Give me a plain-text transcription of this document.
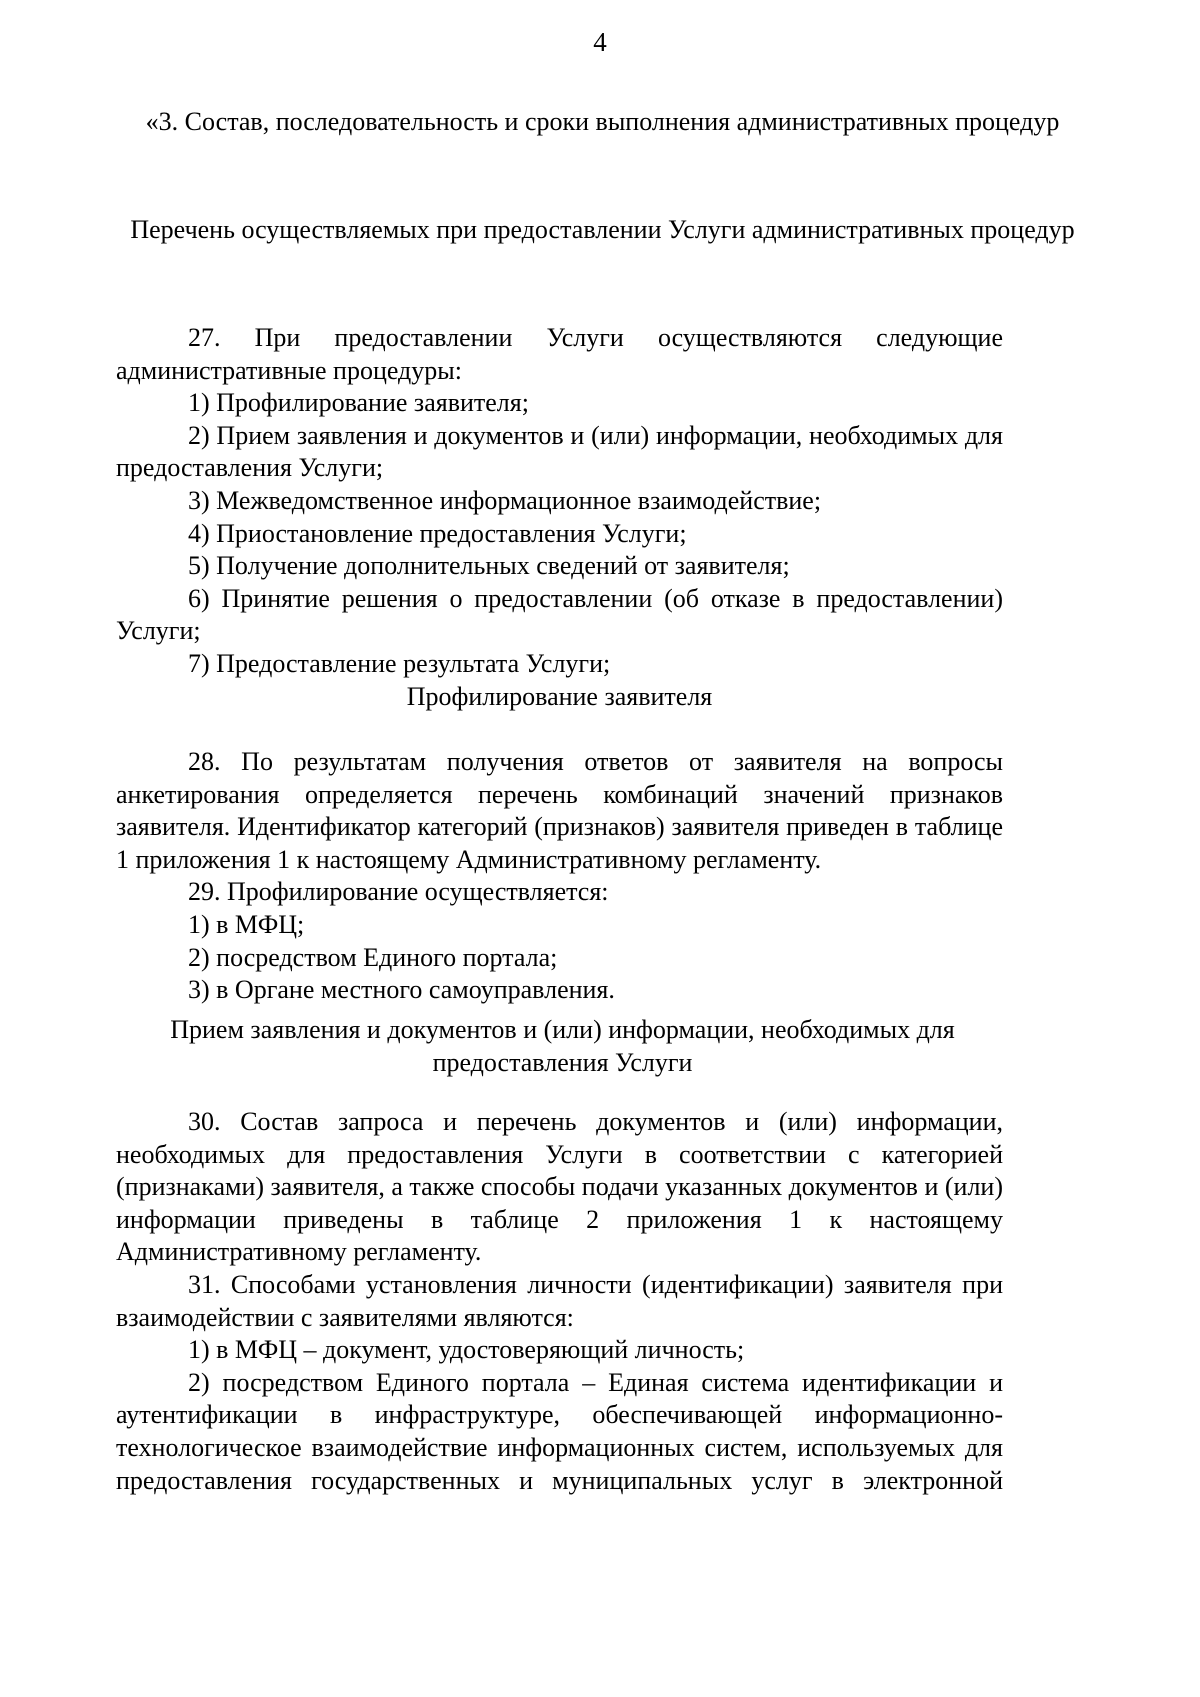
4

«3. Состав, последовательность и сроки выполнения административных процедур

Перечень осуществляемых при предоставлении Услуги административных процедур

27. При предоставлении Услуги осуществляются следующие административные процедуры:

1) Профилирование заявителя;

2) Прием заявления и документов и (или) информации, необходимых для предоставления Услуги;

3) Межведомственное информационное взаимодействие;

4) Приостановление предоставления Услуги;

5) Получение дополнительных сведений от заявителя;

6) Принятие решения о предоставлении (об отказе в предоставлении) Услуги;

7) Предоставление результата Услуги;

Профилирование заявителя

28. По результатам получения ответов от заявителя на вопросы анкетирования определяется перечень комбинаций значений признаков заявителя. Идентификатор категорий (признаков) заявителя приведен в таблице 1 приложения 1 к настоящему Административному регламенту.

29. Профилирование осуществляется:

1) в МФЦ;

2) посредством Единого портала;

3) в Органе местного самоуправления.

Прием заявления и документов и (или) информации, необходимых для предоставления Услуги

30. Состав запроса и перечень документов и (или) информации, необходимых для предоставления Услуги в соответствии с категорией (признаками) заявителя, а также способы подачи указанных документов и (или) информации приведены в таблице 2 приложения 1 к настоящему Административному регламенту.

31. Способами установления личности (идентификации) заявителя при взаимодействии с заявителями являются:

1) в МФЦ – документ, удостоверяющий личность;

2) посредством Единого портала – Единая система идентификации и аутентификации в инфраструктуре, обеспечивающей информационно-технологическое взаимодействие информационных систем, используемых для предоставления государственных и муниципальных услуг в электронной
